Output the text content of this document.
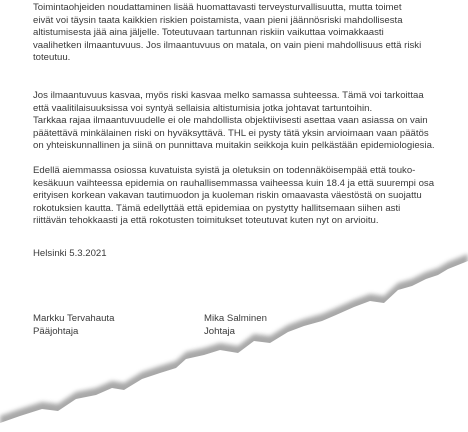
Toimintaohjeiden noudattaminen lisää huomattavasti terveysturvallisuutta, mutta toimet
eivät voi täysin taata kaikkien riskien poistamista, vaan pieni jäännösriski mahdollisesta
altistumisesta jää aina jäljelle. Toteutuvaan tartunnan riskiin vaikuttaa voimakkaasti
vaalihetken ilmaantuvuus. Jos ilmaantuvuus on matala, on vain pieni mahdollisuus että riski
toteutuu.

Jos ilmaantuvuus kasvaa, myös riski kasvaa melko samassa suhteessa. Tämä voi tarkoittaa
että vaalitilaisuuksissa voi syntyä sellaisia altistumisia jotka johtavat tartuntoihin.

Tarkkaa rajaa ilmaantuvuudelle ei ole mahdollista objektiivisesti asettaa vaan asiassa on vain
päätettävä minkälainen riski on hyväksyttävä. THL ei pysty tätä yksin arvioimaan vaan päätös
on yhteiskunnallinen ja siinä on punnittava muitakin seikkoja kuin pelkästään epidemiologiesia.

Edellä aiemmassa osiossa kuvatuista syistä ja oletuksin on todennäköisempää että touko-
kesäkuun vaihteessa epidemia on rauhallisemmassa vaiheessa kuin 18.4 ja että suurempi osa
erityisen korkean vakavan tautimuodon ja kuoleman riskin omaavasta väestöstä on suojattu
rokotuksien kautta. Tämä edellyttää että epidemiaa on pystytty hallitsemaan siihen asti
riittävän tehokkaasti ja että rokotusten toimitukset toteutuvat kuten nyt on arvioitu.

Helsinki 5.3.2021
Markku Tervahauta
Pääjohtaja
Mika Salminen
Johtaja
